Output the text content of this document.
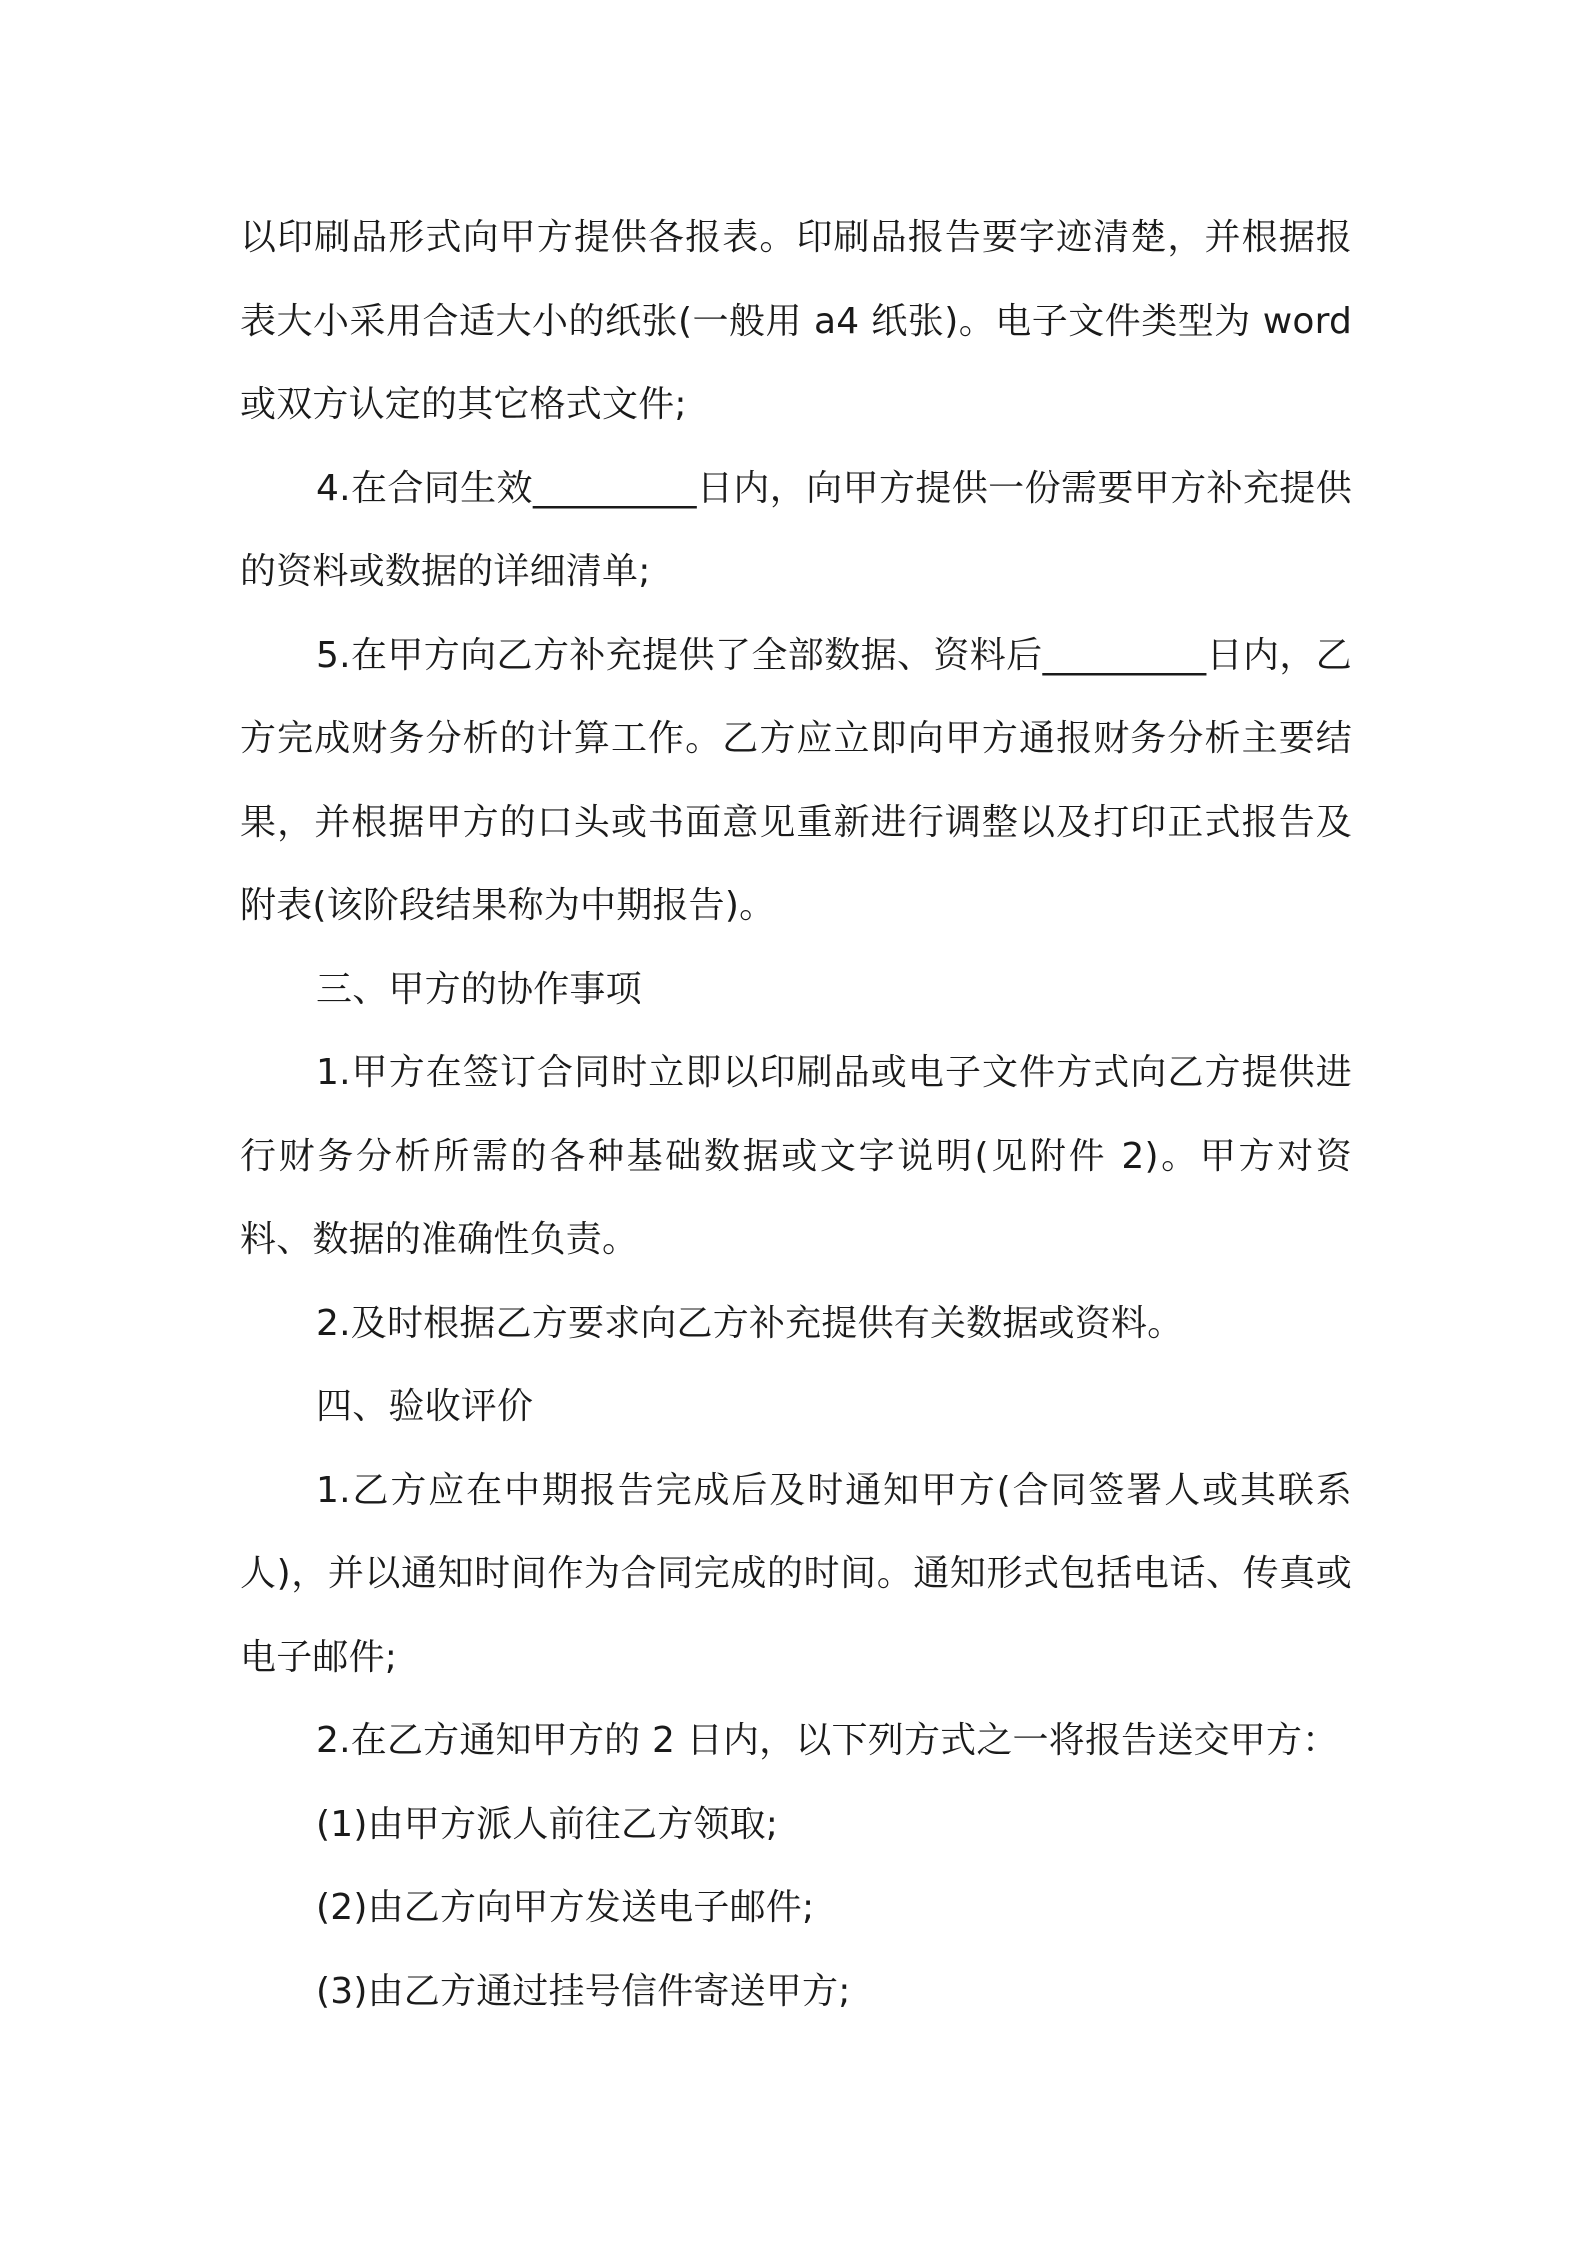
以印刷品形式向甲方提供各报表。印刷品报告要字迹清楚，并根据报表大小采用合适大小的纸张(一般用 a4 纸张)。电子文件类型为 word 或双方认定的其它格式文件;

4.在合同生效_________日内，向甲方提供一份需要甲方补充提供的资料或数据的详细清单;

5.在甲方向乙方补充提供了全部数据、资料后_________日内，乙方完成财务分析的计算工作。乙方应立即向甲方通报财务分析主要结果，并根据甲方的口头或书面意见重新进行调整以及打印正式报告及附表(该阶段结果称为中期报告)。

三、甲方的协作事项

1.甲方在签订合同时立即以印刷品或电子文件方式向乙方提供进行财务分析所需的各种基础数据或文字说明(见附件 2)。甲方对资料、数据的准确性负责。

2.及时根据乙方要求向乙方补充提供有关数据或资料。

四、验收评价

1.乙方应在中期报告完成后及时通知甲方(合同签署人或其联系人)，并以通知时间作为合同完成的时间。通知形式包括电话、传真或电子邮件;

2.在乙方通知甲方的 2 日内，以下列方式之一将报告送交甲方：

(1)由甲方派人前往乙方领取;

(2)由乙方向甲方发送电子邮件;

(3)由乙方通过挂号信件寄送甲方;
